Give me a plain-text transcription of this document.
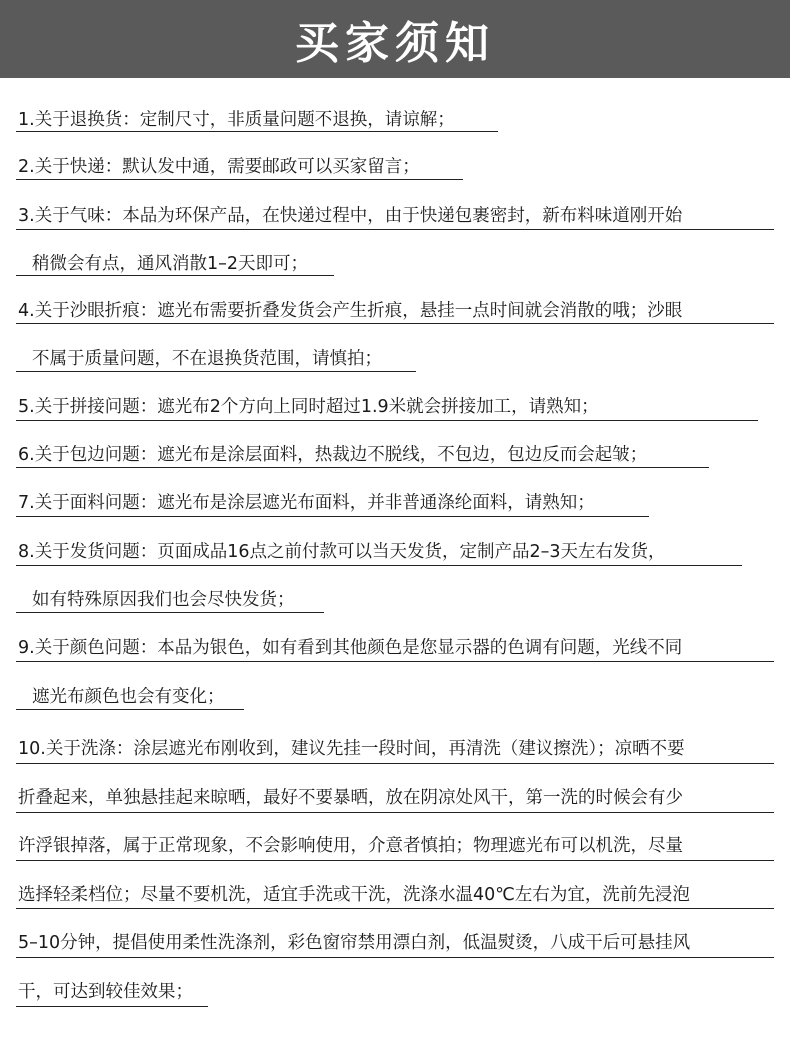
买家须知
1.关于退换货：定制尺寸，非质量问题不退换，请谅解；
2.关于快递：默认发中通，需要邮政可以买家留言；
3.关于气味：本品为环保产品，在快递过程中，由于快递包裹密封，新布料味道刚开始
稍微会有点，通风消散1–2天即可；
4.关于沙眼折痕：遮光布需要折叠发货会产生折痕，悬挂一点时间就会消散的哦；沙眼
不属于质量问题，不在退换货范围，请慎拍；
5.关于拼接问题：遮光布2个方向上同时超过1.9米就会拼接加工，请熟知；
6.关于包边问题：遮光布是涂层面料，热裁边不脱线，不包边，包边反而会起皱；
7.关于面料问题：遮光布是涂层遮光布面料，并非普通涤纶面料，请熟知；
8.关于发货问题：页面成品16点之前付款可以当天发货，定制产品2–3天左右发货，
如有特殊原因我们也会尽快发货；
9.关于颜色问题：本品为银色，如有看到其他颜色是您显示器的色调有问题，光线不同
遮光布颜色也会有变化；
10.关于洗涤：涂层遮光布刚收到，建议先挂一段时间，再清洗（建议擦洗）；凉晒不要
折叠起来，单独悬挂起来晾晒，最好不要暴晒，放在阴凉处风干，第一洗的时候会有少
许浮银掉落，属于正常现象，不会影响使用，介意者慎拍；物理遮光布可以机洗，尽量
选择轻柔档位；尽量不要机洗，适宜手洗或干洗，洗涤水温40℃左右为宜，洗前先浸泡
5–10分钟，提倡使用柔性洗涤剂，彩色窗帘禁用漂白剂，低温熨烫，八成干后可悬挂风
干，可达到较佳效果；
